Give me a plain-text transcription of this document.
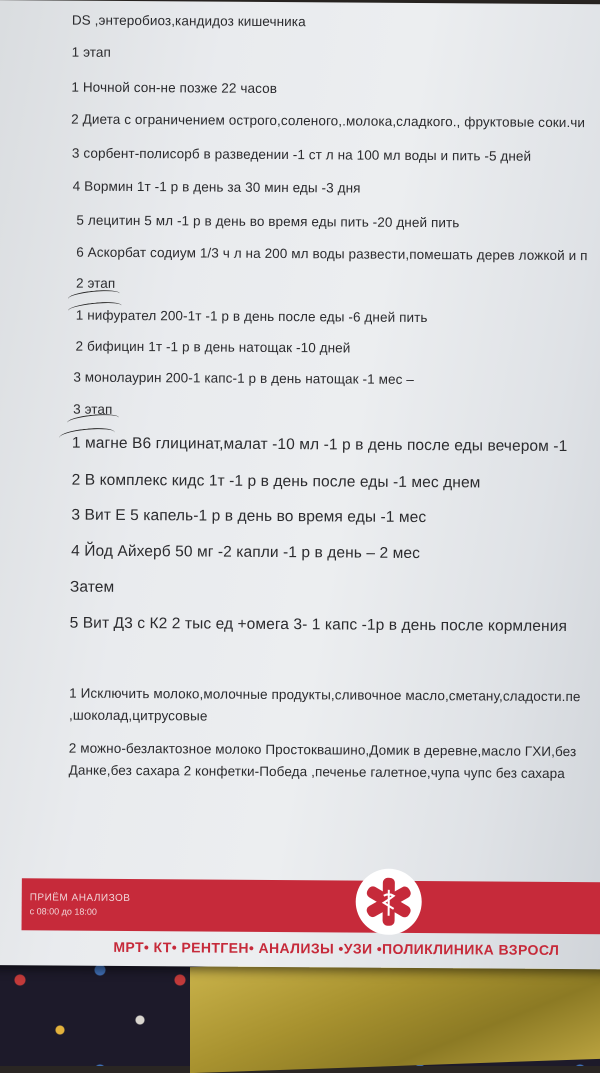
DS ,энтеробиоз,кандидоз кишечника
1 этап
1 Ночной сон-не позже 22 часов
2 Диета с ограничением острого,соленого,.молока,сладкого., фруктовые соки.чи
3 сорбент-полисорб в разведении -1 ст л на 100 мл воды и пить -5 дней
4 Вормин 1т -1 р в день за 30 мин еды -3 дня
5 лецитин 5 мл -1 р в день во время еды пить -20 дней пить
6 Аскорбат содиум 1/3 ч л на 200 мл воды развести,помешать дерев ложкой и п
2 этап
1 нифурател 200-1т -1 р в день после еды -6 дней пить
2 бифицин 1т -1 р в день натощак -10 дней
3 монолаурин 200-1 капс-1 р в день натощак -1 мес –
3 этап
1 магне В6 глицинат,малат -10 мл -1 р в день после еды вечером -1
2 В комплекс кидс 1т -1 р в день после еды -1 мес днем
3 Вит Е 5 капель-1 р в день во время еды -1 мес
4 Йод Айхерб 50 мг -2 капли -1 р в день – 2 мес
Затем
5 Вит Д3 с К2 2 тыс ед +омега 3- 1 капс -1р в день после кормления
1 Исключить молоко,молочные продукты,сливочное масло,сметану,сладости.пе
,шоколад,цитрусовые
2 можно-безлактозное молоко Простоквашино,Домик в деревне,масло ГХИ,без
Данке,без сахара 2 конфетки-Победа ,печенье галетное,чупа чупс без сахара
ПРИЁМ АНАЛИЗОВ
с 08:00 до 18:00
МРТ• КТ• РЕНТГЕН• АНАЛИЗЫ •УЗИ •ПОЛИКЛИНИКА ВЗРОСЛ
